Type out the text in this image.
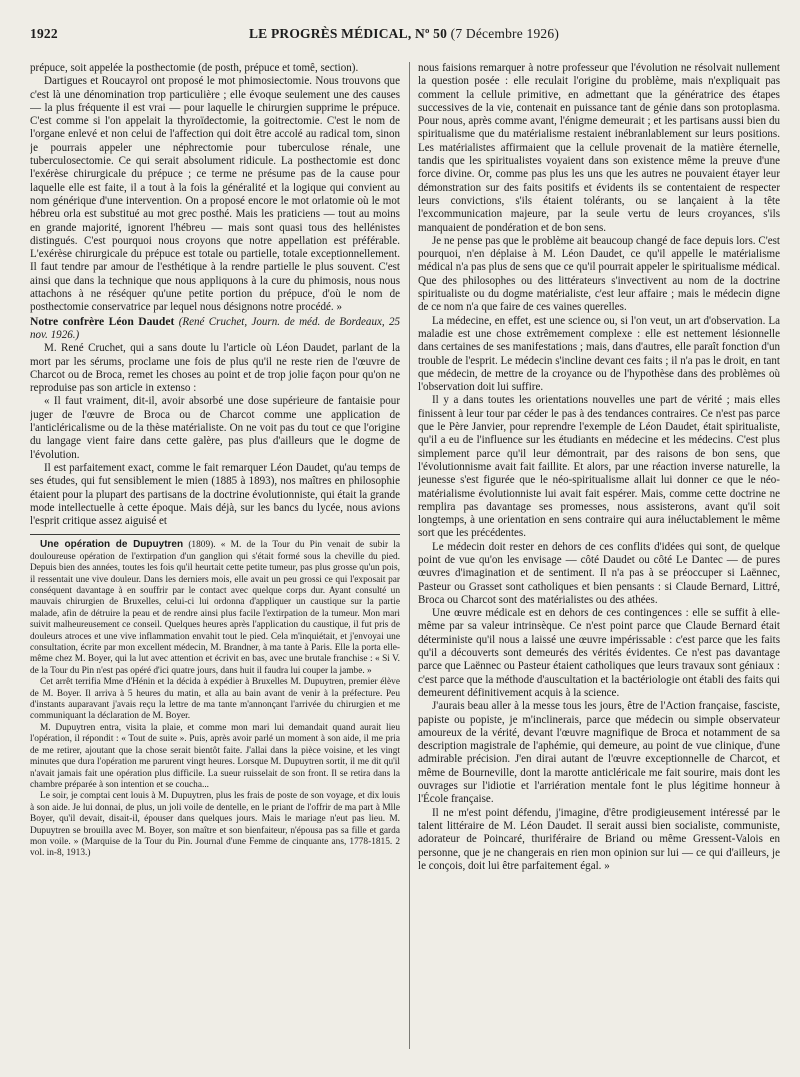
1922	LE PROGRÈS MÉDICAL, Nº 50 (7 Décembre 1926)

prépuce, soit appelée la posthectomie (de posth, prépuce et tomê, section).

Dartigues et Roucayrol ont proposé le mot phimosiectomie. Nous trouvons que c'est là une dénomination trop particulière ; elle évoque seulement une des causes — la plus fréquente il est vrai — pour laquelle le chirurgien supprime le prépuce. C'est comme si l'on appelait la thyroïdectomie, la goitrectomie. C'est le nom de l'organe enlevé et non celui de l'affection qui doit être accolé au radical tom, sinon je pourrais appeler une néphrectomie pour tuberculose rénale, une tuberculosectomie. Ce qui serait absolument ridicule. La posthectomie est donc l'exérèse chirurgicale du prépuce ; ce terme ne présume pas de la cause pour laquelle elle est faite, il a tout à la fois la généralité et la logique qui convient au nom générique d'une intervention. On a proposé encore le mot orlatomie où le mot hébreu orla est substitué au mot grec posthé. Mais les praticiens — tout au moins en grande majorité, ignorent l'hébreu — mais sont quasi tous des hellénistes distingués. C'est pourquoi nous croyons que notre appellation est préférable. L'exérèse chirurgicale du prépuce est totale ou partielle, totale exceptionnellement. Il faut tendre par amour de l'esthétique à la rendre partielle le plus souvent. C'est ainsi que dans la technique que nous appliquons à la cure du phimosis, nous nous attachons à ne réséquer qu'une petite portion du prépuce, d'où le nom de posthectomie conservatrice par lequel nous désignons notre procédé. »

Notre confrère Léon Daudet (René Cruchet, Journ. de méd. de Bordeaux, 25 nov. 1926.)

M. René Cruchet, qui a sans doute lu l'article où Léon Daudet, parlant de la mort par les sérums, proclame une fois de plus qu'il ne reste rien de l'œuvre de Charcot ou de Broca, remet les choses au point et de trop jolie façon pour qu'on ne reproduise pas son article in extenso :

« Il faut vraiment, dit-il, avoir absorbé une dose supérieure de fantaisie pour juger de l'œuvre de Broca ou de Charcot comme une application de l'anticléricalisme ou de la thèse matérialiste. On ne voit pas du tout ce que l'origine du langage vient faire dans cette galère, pas plus d'ailleurs que le dogme de l'évolution.

Il est parfaitement exact, comme le fait remarquer Léon Daudet, qu'au temps de ses études, qui fut sensiblement le mien (1885 à 1893), nos maîtres en philosophie étaient pour la plupart des partisans de la doctrine évolutionniste, qui était la grande mode intellectuelle à cette époque. Mais déjà, sur les bancs du lycée, nous avions l'esprit critique assez aiguisé et

Une opération de Dupuytren (1809). « M. de la Tour du Pin venait de subir la douloureuse opération de l'extirpation d'un ganglion qui s'était formé sous la cheville du pied. Depuis bien des années, toutes les fois qu'il heurtait cette petite tumeur, pas plus grosse qu'un pois, il ressentait une vive douleur. Dans les derniers mois, elle avait un peu grossi ce qui l'exposait par conséquent davantage à en souffrir par le contact avec quelque corps dur. Ayant consulté un mauvais chirurgien de Bruxelles, celui-ci lui ordonna d'appliquer un caustique sur la partie malade, afin de détruire la peau et de rendre ainsi plus facile l'extirpation de la tumeur. Mon mari suivit malheureusement ce conseil. Quelques heures après l'application du caustique, il fut pris de douleurs atroces et une vive inflammation envahit tout le pied. Cela m'inquiétait, et j'envoyai une consultation, écrite par mon excellent médecin, M. Brandner, à ma tante à Paris. Elle la porta elle-même chez M. Boyer, qui la lut avec attention et écrivit en bas, avec une brutale franchise : « Si V. de la Tour du Pin n'est pas opéré d'ici quatre jours, dans huit il faudra lui couper la jambe. »

Cet arrêt terrifia Mme d'Hénin et la décida à expédier à Bruxelles M. Dupuytren, premier élève de M. Boyer. Il arriva à 5 heures du matin, et alla au bain avant de venir à la préfecture. Peu d'instants auparavant j'avais reçu la lettre de ma tante m'annonçant l'arrivée du chirurgien et me communiquant la déclaration de M. Boyer.

M. Dupuytren entra, visita la plaie, et comme mon mari lui demandait quand aurait lieu l'opération, il répondit : « Tout de suite ». Puis, après avoir parlé un moment à son aide, il me pria de me retirer, ajoutant que la chose serait bientôt faite. J'allai dans la pièce voisine, et les vingt minutes que dura l'opération me parurent vingt heures. Lorsque M. Dupuytren sortit, il me dit qu'il n'avait jamais fait une opération plus difficile. La sueur ruisselait de son front. Il se retira dans la chambre préparée à son intention et se coucha...

Le soir, je comptai cent louis à M. Dupuytren, plus les frais de poste de son voyage, et dix louis à son aide. Je lui donnai, de plus, un joli voile de dentelle, en le priant de l'offrir de ma part à Mlle Boyer, qu'il devait, disait-il, épouser dans quelques jours. Mais le mariage n'eut pas lieu. M. Dupuytren se brouilla avec M. Boyer, son maître et son bienfaiteur, n'épousa pas sa fille et garda mon voile. » (Marquise de la Tour du Pin. Journal d'une Femme de cinquante ans, 1778-1815. 2 vol. in-8, 1913.)

nous faisions remarquer à notre professeur que l'évolution ne résolvait nullement la question posée : elle reculait l'origine du problème, mais n'expliquait pas comment la cellule primitive, en admettant que la génératrice des étapes successives de la vie, contenait en puissance tant de génie dans son protoplasma. Pour nous, après comme avant, l'énigme demeurait ; et les partisans aussi bien du spiritualisme que du matérialisme restaient inébranlablement sur leurs positions. Les matérialistes affirmaient que la cellule provenait de la matière éternelle, tandis que les spiritualistes voyaient dans son existence même la preuve d'une force divine. Or, comme pas plus les uns que les autres ne pouvaient étayer leur démonstration sur des faits positifs et évidents ils se contentaient de respecter leurs convictions, s'ils étaient tolérants, ou se lançaient à la tête l'excommunication majeure, par la seule vertu de leurs croyances, s'ils manquaient de pondération et de bon sens.

Je ne pense pas que le problème ait beaucoup changé de face depuis lors. C'est pourquoi, n'en déplaise à M. Léon Daudet, ce qu'il appelle le matérialisme médical n'a pas plus de sens que ce qu'il pourrait appeler le spiritualisme médical. Que des philosophes ou des littérateurs s'invectivent au nom de la doctrine spiritualiste ou du dogme matérialiste, c'est leur affaire ; mais le médecin digne de ce nom n'a que faire de ces vaines querelles.

La médecine, en effet, est une science ou, si l'on veut, un art d'observation. La maladie est une chose extrêmement complexe : elle est nettement lésionnelle dans certaines de ses manifestations ; mais, dans d'autres, elle paraît fonction d'un trouble de l'esprit. Le médecin s'incline devant ces faits ; il n'a pas le droit, en tant que médecin, de mettre de la croyance ou de l'hypothèse dans des problèmes où l'observation doit lui suffire.

Il y a dans toutes les orientations nouvelles une part de vérité ; mais elles finissent à leur tour par céder le pas à des tendances contraires. Ce n'est pas parce que le Père Janvier, pour reprendre l'exemple de Léon Daudet, était spiritualiste, qu'il a eu de l'influence sur les étudiants en médecine et les médecins. C'est plus simplement parce qu'il leur démontrait, par des raisons de bon sens, que l'évolutionnisme avait fait faillite. Et alors, par une réaction inverse naturelle, la jeunesse s'est figurée que le néo-spiritualisme allait lui donner ce que le néo-matérialisme évolutionniste lui avait fait espérer. Mais, comme cette doctrine ne remplira pas davantage ses promesses, nous assisterons, avant qu'il soit longtemps, à une orientation en sens contraire qui aura inéluctablement le même sort que les précédentes.

Le médecin doit rester en dehors de ces conflits d'idées qui sont, de quelque point de vue qu'on les envisage — côté Daudet ou côté Le Dantec — de pures œuvres d'imagination et de sentiment. Il n'a pas à se préoccuper si Laënnec, Pasteur ou Grasset sont catholiques et bien pensants : si Claude Bernard, Littré, Broca ou Charcot sont des matérialistes ou des athées.

Une œuvre médicale est en dehors de ces contingences : elle se suffit à elle-même par sa valeur intrinsèque. Ce n'est point parce que Claude Bernard était déterministe qu'il nous a laissé une œuvre impérissable : c'est parce que les faits qu'il a découverts sont demeurés des vérités évidentes. Ce n'est pas davantage parce que Laënnec ou Pasteur étaient catholiques que leurs travaux sont géniaux : c'est parce que la méthode d'auscultation et la bactériologie ont établi des faits qui demeurent définitivement acquis à la science.

J'aurais beau aller à la messe tous les jours, être de l'Action française, fasciste, papiste ou popiste, je m'inclinerais, parce que médecin ou simple observateur amoureux de la vérité, devant l'œuvre magnifique de Broca et notamment de sa description magistrale de l'aphémie, qui demeure, au point de vue clinique, d'une admirable précision. J'en dirai autant de l'œuvre exceptionnelle de Charcot, et même de Bourneville, dont la marotte anticléricale me fait sourire, mais dont les ouvrages sur l'idiotie et l'arriération mentale font le plus légitime honneur à l'École française.

Il ne m'est point défendu, j'imagine, d'être prodigieusement intéressé par le talent littéraire de M. Léon Daudet. Il serait aussi bien socialiste, communiste, adorateur de Poincaré, thuriféraire de Briand ou même Gressent-Valois en personne, que je ne changerais en rien mon opinion sur lui — ce qui d'ailleurs, je le conçois, doit lui être parfaitement égal. »
